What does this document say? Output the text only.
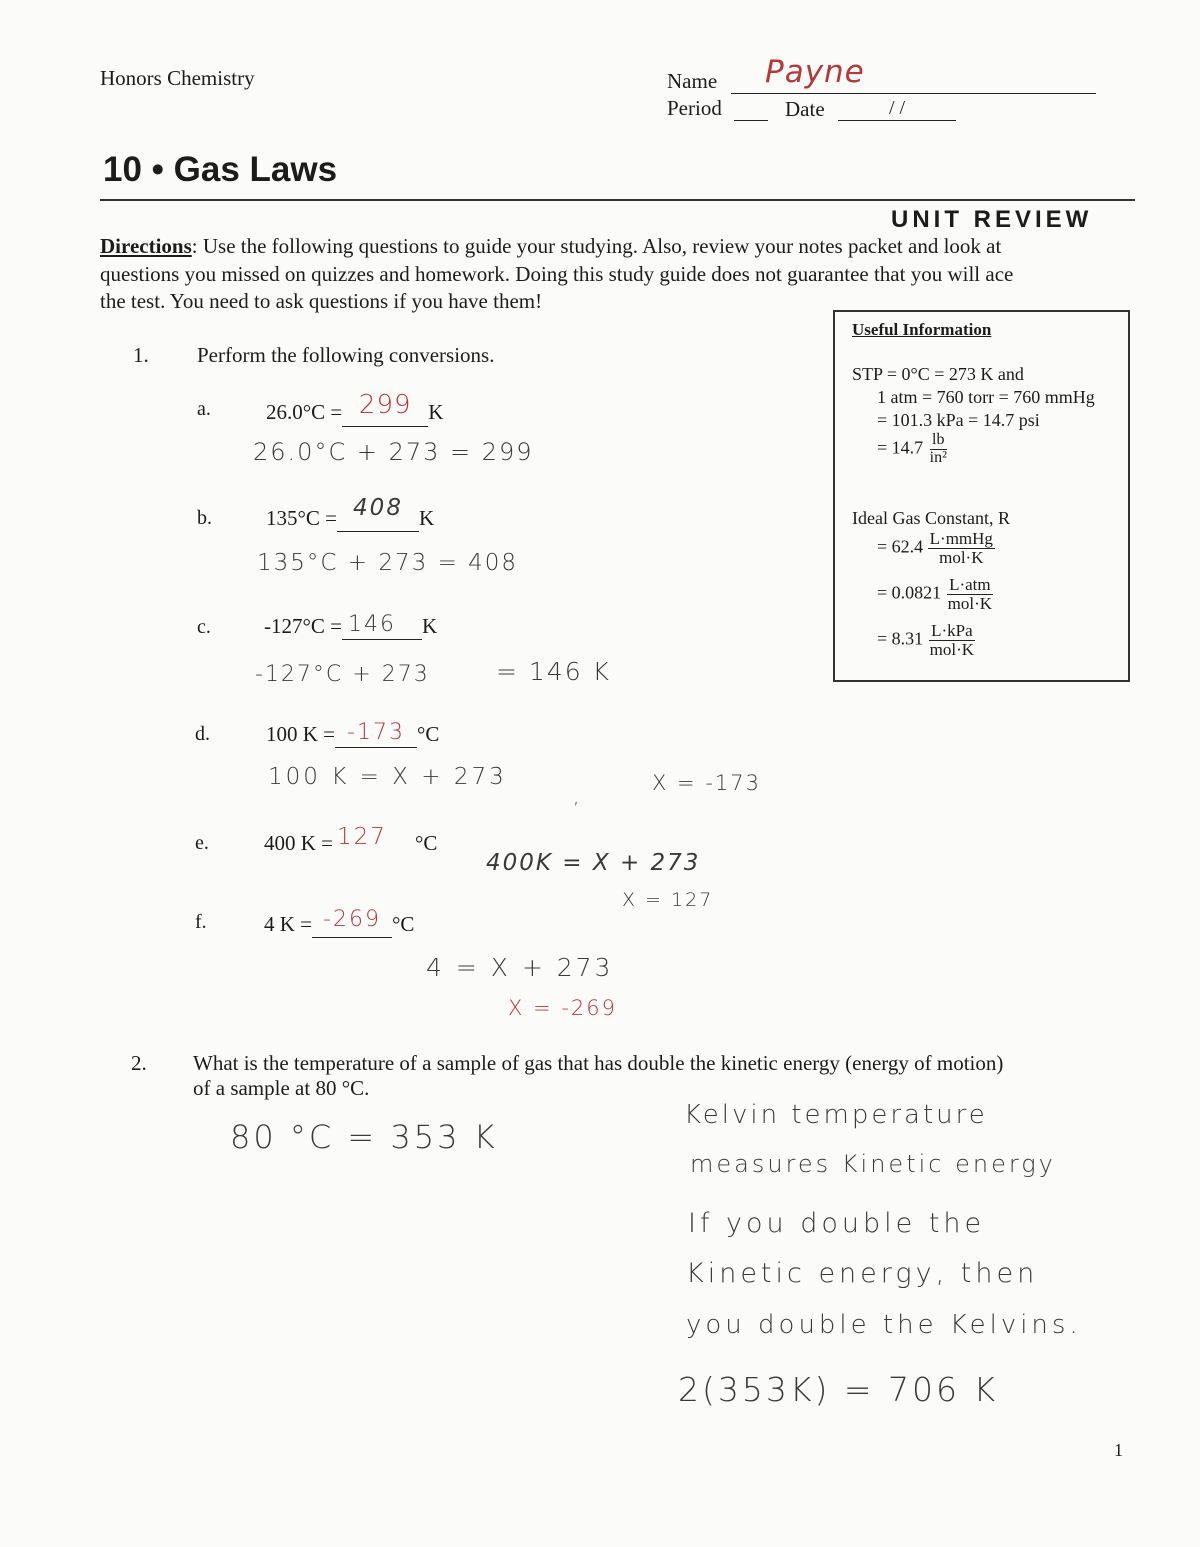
Honors Chemistry	Name Payne
Period	Date	/ /
10 • Gas Laws
UNIT REVIEW
Directions: Use the following questions to guide your studying. Also, review your notes packet and look at
questions you missed on quizzes and homework. Doing this study guide does not guarantee that you will ace
the test. You need to ask questions if you have them!
Useful Information
STP = 0°C = 273 K and
1 atm = 760 torr = 760 mmHg
= 101.3 kPa = 14.7 psi
= $14.7 \frac{lb}{\text{in²}}$
Ideal Gas Constant, R
= $62.4 \frac{\text{L·mmHg}}{\text{mol·K}}$
= $0.0821 \frac{\text{L·atm}}{\text{mol·K}}$
= $8.31 \frac{\text{L·kPa}}{\text{mol·K}}$
1. Perform the following conversions.
a.	26.0°C = 299 K
26.0°C + 273 = 299
b.	135°C = 408 K
135°C + 273 = 408
c.	-127°C = 146 K
-127°C + 273	= 146 K
d.	100 K = -173 °C
100 K = X + 273
,
X = -173
e.	400 K = 127 °C
400K = X + 273
X = 127
f.	4 K = -269 °C
4 = X + 273
X = -269
2. What is the temperature of a sample of gas that has double the kinetic energy (energy of motion)
of a sample at 80 °C.
80 °C = 353 K
Kelvin temperature
measures Kinetic energy
If you double the
Kinetic energy, then
you double the Kelvins.
2(353K) = 706 K
1
